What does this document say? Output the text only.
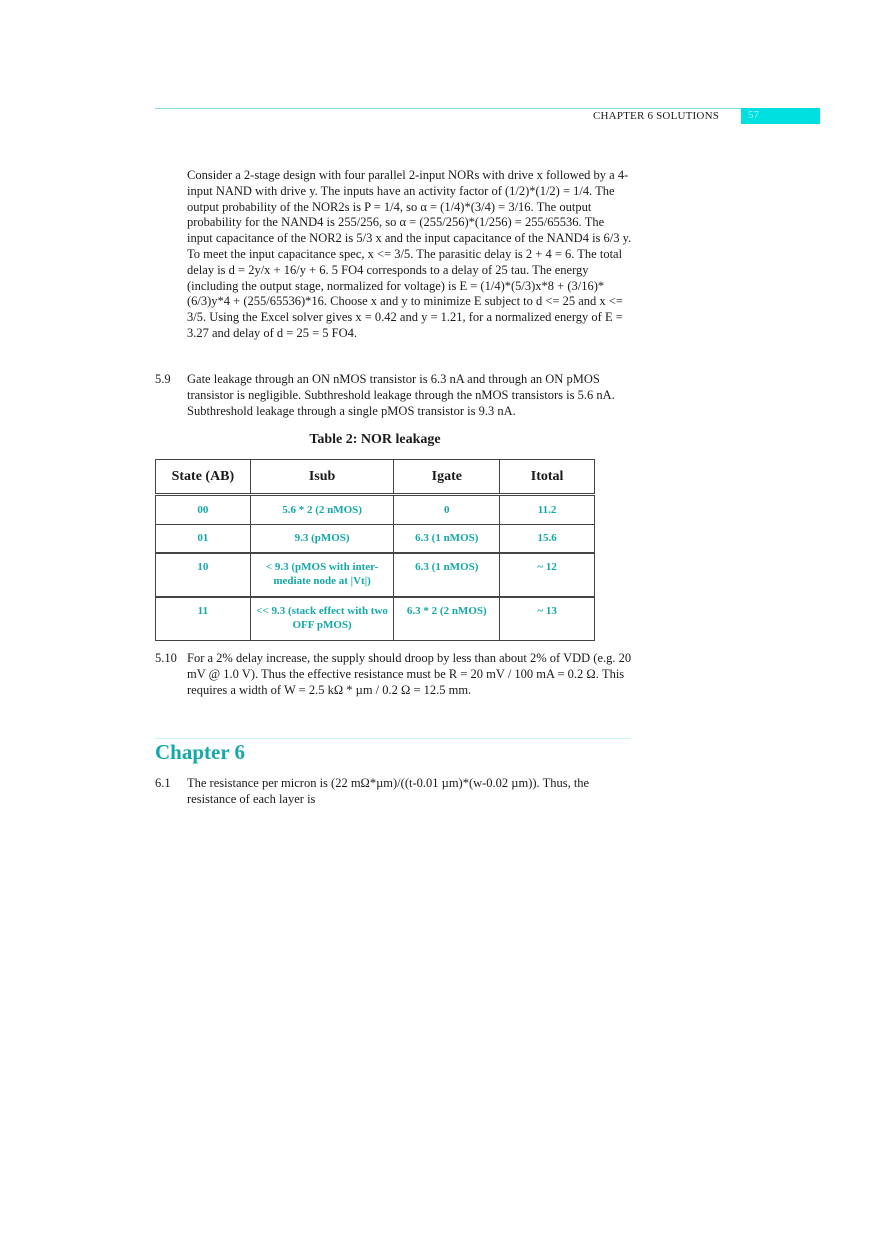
CHAPTER 6 SOLUTIONS	57
Consider a 2-stage design with four parallel 2-input NORs with drive x followed by a 4-input NAND with drive y. The inputs have an activity factor of (1/2)*(1/2) = 1/4. The output probability of the NOR2s is P = 1/4, so α = (1/4)*(3/4) = 3/16. The output probability for the NAND4 is 255/256, so α = (255/256)*(1/256) = 255/65536. The input capacitance of the NOR2 is 5/3 x and the input capacitance of the NAND4 is 6/3 y. To meet the input capacitance spec, x <= 3/5. The parasitic delay is 2 + 4 = 6. The total delay is d = 2y/x + 16/y + 6. 5 FO4 corresponds to a delay of 25 tau. The energy (including the output stage, normalized for voltage) is E = (1/4)*(5/3)x*8 + (3/16)*(6/3)y*4 + (255/65536)*16. Choose x and y to minimize E subject to d <= 25 and x <= 3/5. Using the Excel solver gives x = 0.42 and y = 1.21, for a normalized energy of E = 3.27 and delay of d = 25 = 5 FO4.
5.9 Gate leakage through an ON nMOS transistor is 6.3 nA and through an ON pMOS transistor is negligible. Subthreshold leakage through the nMOS transistors is 5.6 nA. Subthreshold leakage through a single pMOS transistor is 9.3 nA.
Table 2: NOR leakage
State (AB)	Isub	Igate	Itotal
00	5.6 * 2 (2 nMOS)	0	11.2
01	9.3 (pMOS)	6.3 (1 nMOS)	15.6
10	< 9.3 (pMOS with inter-mediate node at |Vt|)	6.3 (1 nMOS)	~ 12
11	<< 9.3 (stack effect with two OFF pMOS)	6.3 * 2 (2 nMOS)	~ 13
5.10 For a 2% delay increase, the supply should droop by less than about 2% of VDD (e.g. 20 mV @ 1.0 V). Thus the effective resistance must be R = 20 mV / 100 mA = 0.2 Ω. This requires a width of W = 2.5 kΩ * µm / 0.2 Ω = 12.5 mm.
Chapter 6
6.1 The resistance per micron is (22 mΩ*µm)/((t-0.01 µm)*(w-0.02 µm)). Thus, the resistance of each layer is
